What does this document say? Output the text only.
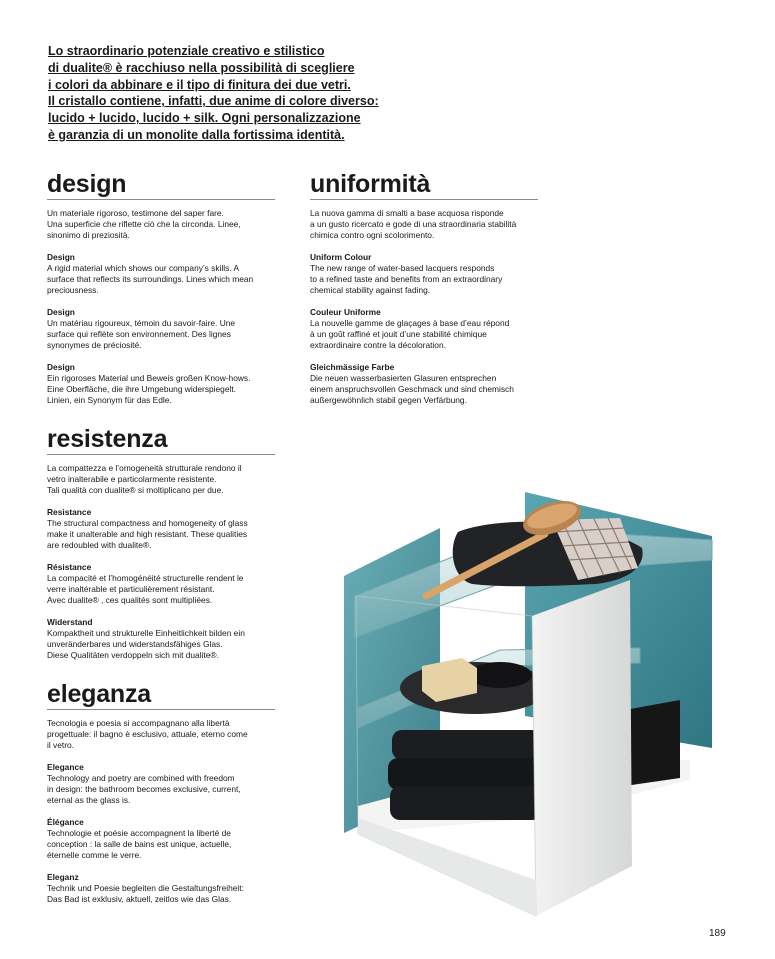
Lo straordinario potenziale creativo e stilistico
di dualite® è racchiuso nella possibilità di scegliere
i colori da abbinare e il tipo di finitura dei due vetri.
Il cristallo contiene, infatti, due anime di colore diverso:
lucido + lucido, lucido + silk. Ogni personalizzazione
è garanzia di un monolite dalla fortissima identità.
design

Un materiale rigoroso, testimone del saper fare.
Una superficie che riflette ciò che la circonda. Linee,
sinonimo di preziosità.

Design
A rigid material which shows our company’s skills. A
surface that reflects its surroundings. Lines which mean
preciousness.

Design
Un matériau rigoureux, témoin du savoir-faire. Une
surface qui reflète son environnement. Des lignes
synonymes de préciosité.

Design
Ein rigoroses Material und Beweis großen Know-hows.
Eine Oberfläche, die ihre Umgebung widerspiegelt.
Linien, ein Synonym für das Edle.

uniformità

La nuova gamma di smalti a base acquosa risponde
a un gusto ricercato e gode di una straordinaria stabilità
chimica contro ogni scolorimento.

Uniform Colour
The new range of water-based lacquers responds
to a refined taste and benefits from an extraordinary
chemical stability against fading.

Couleur Uniforme
La nouvelle gamme de glaçages à base d’eau répond
à un goût raffiné et jouit d’une stabilité chimique
extraordinaire contre la décoloration.

Gleichmässige Farbe
Die neuen wasserbasierten Glasuren entsprechen
einem anspruchsvollen Geschmack und sind chemisch
außergewöhnlich stabil gegen Verfärbung.

resistenza

La compattezza e l’omogeneità strutturale rendono il
vetro inalterabile e particolarmente resistente.
Tali qualità con dualite® si moltiplicano per due.

Resistance
The structural compactness and homogeneity of glass
make it unalterable and high resistant. These qualities
are redoubled with dualite®.

Résistance
La compacité et l’homogénéité structurelle rendent le
verre inaltérable et particulièrement résistant.
Avec dualite® , ces qualités sont multipliées.

Widerstand
Kompaktheit und strukturelle Einheitlichkeit bilden ein
unveränderbares und widerstandsfähiges Glas.
Diese Qualitäten verdoppeln sich mit dualite®.

eleganza

Tecnologia e poesia si accompagnano alla libertà
progettuale: il bagno è esclusivo, attuale, eterno come
il vetro.

Elegance
Technology and poetry are combined with freedom
in design: the bathroom becomes exclusive, current,
eternal as the glass is.

Élégance
Technologie et poésie accompagnent la liberté de
conception : la salle de bains est unique, actuelle,
éternelle comme le verre.

Eleganz
Technik und Poesie begleiten die Gestaltungsfreiheit:
Das Bad ist exklusiv, aktuell, zeitlos wie das Glas.

189
